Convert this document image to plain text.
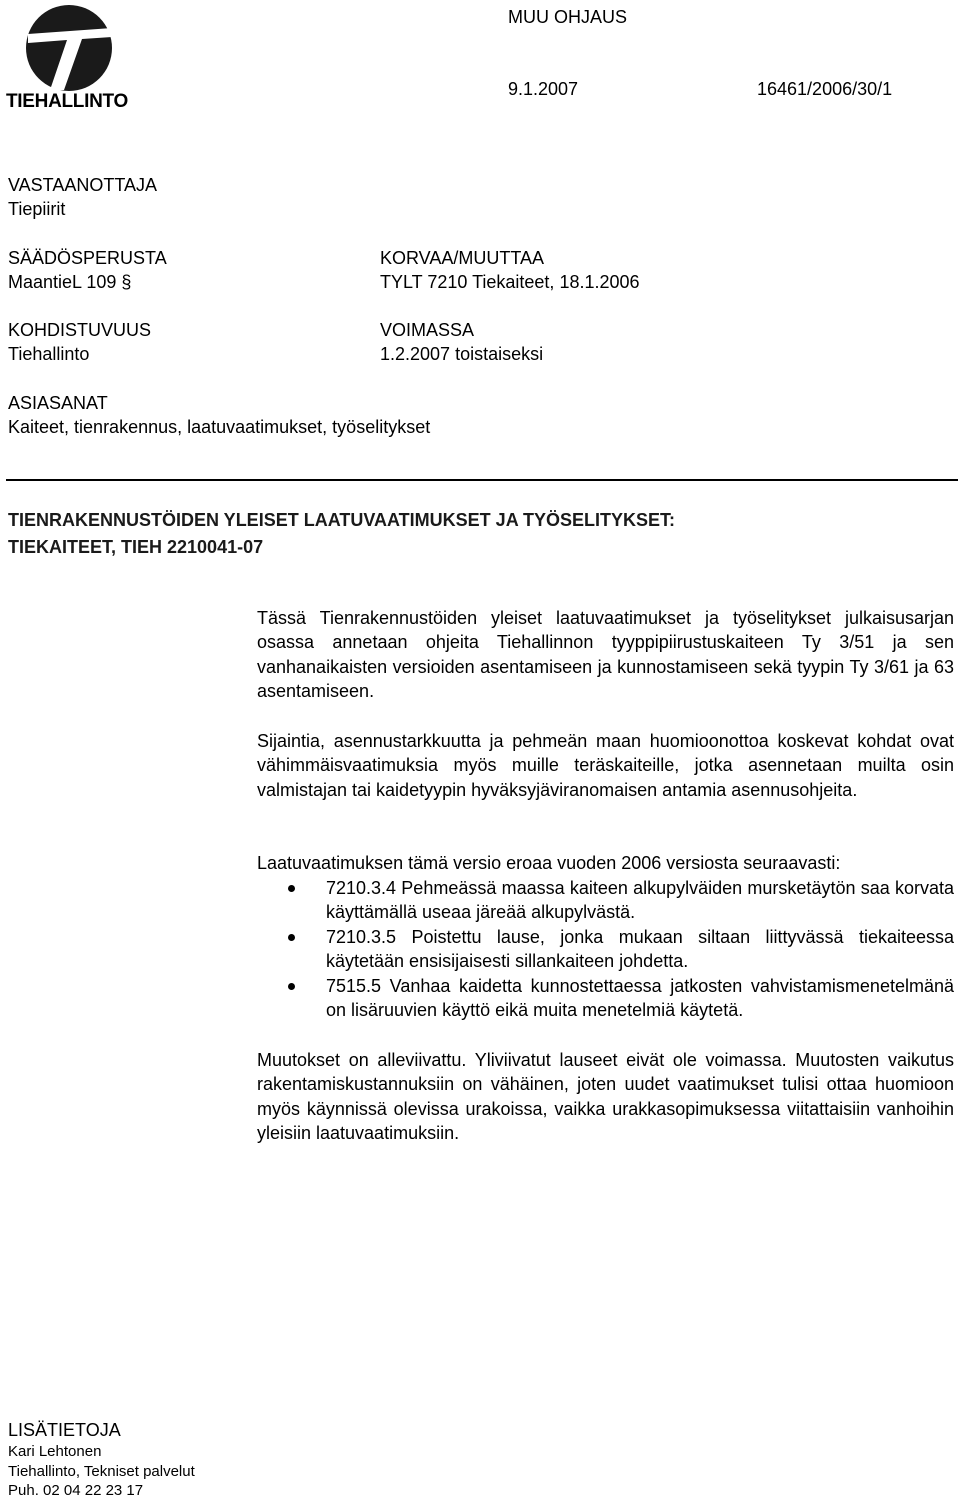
TIEHALLINTO
MUU OHJAUS
9.1.2007	16461/2006/30/1
VASTAANOTTAJA
Tiepiirit
SÄÄDÖSPERUSTA
MaantieL 109 §
KORVAA/MUUTTAA
TYLT 7210 Tiekaiteet, 18.1.2006
KOHDISTUVUUS
Tiehallinto
VOIMASSA
1.2.2007 toistaiseksi
ASIASANAT
Kaiteet, tienrakennus, laatuvaatimukset, työselitykset
TIENRAKENNUSTÖIDEN YLEISET LAATUVAATIMUKSET JA TYÖSELITYKSET:
TIEKAITEET, TIEH 2210041-07

Tässä Tienrakennustöiden yleiset laatuvaatimukset ja työselitykset julkaisusarjan osassa annetaan ohjeita Tiehallinnon tyyppipiirustuskaiteen Ty 3/51 ja sen vanhanaikaisten versioiden asentamiseen ja kunnostamiseen sekä tyypin Ty 3/61 ja 63 asentamiseen.

Sijaintia, asennustarkkuutta ja pehmeän maan huomioonottoa koskevat kohdat ovat vähimmäisvaatimuksia myös muille teräskaiteille, jotka asennetaan muilta osin valmistajan tai kaidetyypin hyväksyjäviranomaisen antamia asennusohjeita.

Laatuvaatimuksen tämä versio eroaa vuoden 2006 versiosta seuraavasti:

7210.3.4 Pehmeässä maassa kaiteen alkupylväiden mursketäytön saa korvata käyttämällä useaa järeää alkupylvästä.
7210.3.5 Poistettu lause, jonka mukaan siltaan liittyvässä tiekaiteessa käytetään ensisijaisesti sillankaiteen johdetta.
7515.5 Vanhaa kaidetta kunnostettaessa jatkosten vahvistamismenetelmänä on lisäruuvien käyttö eikä muita menetelmiä käytetä.

Muutokset on alleviivattu. Yliviivatut lauseet eivät ole voimassa. Muutosten vaikutus rakentamiskustannuksiin on vähäinen, joten uudet vaatimukset tulisi ottaa huomioon myös käynnissä olevissa urakoissa, vaikka urakkasopimuksessa viitattaisiin vanhoihin yleisiin laatuvaatimuksiin.

LISÄTIETOJA
Kari Lehtonen
Tiehallinto, Tekniset palvelut
Puh. 02 04 22 23 17
